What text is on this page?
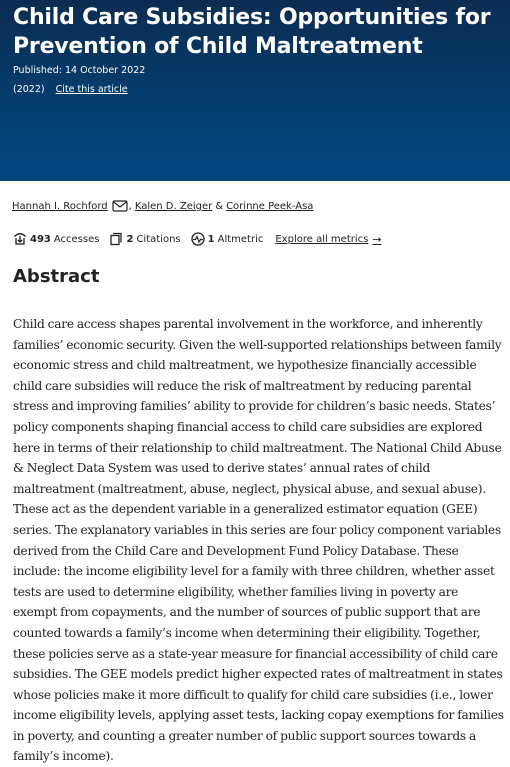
Child Care Subsidies: Opportunities for Prevention of Child Maltreatment
Published: 14 October 2022
(2022) Cite this article
Hannah I. Rochford , Kalen D. Zeiger & Corinne Peek-Asa
493 Accesses	2 Citations	1 Altmetric Explore all metrics →
Abstract

Child care access shapes parental involvement in the workforce, and inherently families’ economic security. Given the well-supported relationships between family economic stress and child maltreatment, we hypothesize financially accessible child care subsidies will reduce the risk of maltreatment by reducing parental stress and improving families’ ability to provide for children’s basic needs. States’ policy components shaping financial access to child care subsidies are explored here in terms of their relationship to child maltreatment. The National Child Abuse & Neglect Data System was used to derive states’ annual rates of child maltreatment (maltreatment, abuse, neglect, physical abuse, and sexual abuse). These act as the dependent variable in a generalized estimator equation (GEE) series. The explanatory variables in this series are four policy component variables derived from the Child Care and Development Fund Policy Database. These include: the income eligibility level for a family with three children, whether asset tests are used to determine eligibility, whether families living in poverty are exempt from copayments, and the number of sources of public support that are counted towards a family’s income when determining their eligibility. Together, these policies serve as a state-year measure for financial accessibility of child care subsidies. The GEE models predict higher expected rates of maltreatment in states whose policies make it more difficult to qualify for child care subsidies (i.e., lower income eligibility levels, applying asset tests, lacking copay exemptions for families in poverty, and counting a greater number of public support sources towards a family’s income).
